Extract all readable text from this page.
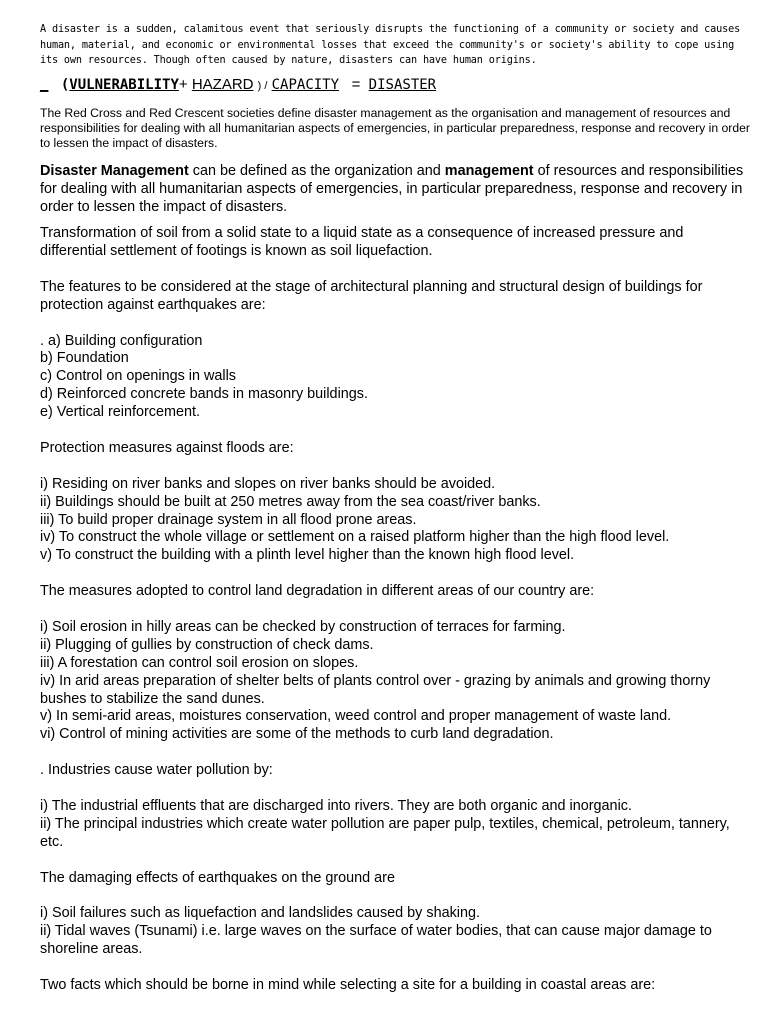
A disaster is a sudden, calamitous event that seriously disrupts the functioning of a community or society and causes human, material, and economic or environmental losses that exceed the community's or society's ability to cope using its own resources. Though often caused by nature, disasters can have human origins.

_ (VULNERABILITY+ HAZARD ) / CAPACITY = DISASTER

The Red Cross and Red Crescent societies define disaster management as the organisation and management of resources and responsibilities for dealing with all humanitarian aspects of emergencies, in particular preparedness, response and recovery in order to lessen the impact of disasters.

Disaster Management can be defined as the organization and management of resources and responsibilities for dealing with all humanitarian aspects of emergencies, in particular preparedness, response and recovery in order to lessen the impact of disasters.

Transformation of soil from a solid state to a liquid state as a consequence of increased pressure and differential settlement of footings is known as soil liquefaction.

The features to be considered at the stage of architectural planning and structural design of buildings for protection against earthquakes are:

. a) Building configuration

b) Foundation

c) Control on openings in walls

d) Reinforced concrete bands in masonry buildings.

e) Vertical reinforcement.

Protection measures against floods are:

i) Residing on river banks and slopes on river banks should be avoided.

ii) Buildings should be built at 250 metres away from the sea coast/river banks.

iii) To build proper drainage system in all flood prone areas.

iv) To construct the whole village or settlement on a raised platform higher than the high flood level.

v) To construct the building with a plinth level higher than the known high flood level.

The measures adopted to control land degradation in different areas of our country are:

i) Soil erosion in hilly areas can be checked by construction of terraces for farming.

ii) Plugging of gullies by construction of check dams.

iii) A forestation can control soil erosion on slopes.

iv) In arid areas preparation of shelter belts of plants control over - grazing by animals and growing thorny bushes to stabilize the sand dunes.

v) In semi-arid areas, moistures conservation, weed control and proper management of waste land.

vi) Control of mining activities are some of the methods to curb land degradation.

. Industries cause water pollution by:

i) The industrial effluents that are discharged into rivers. They are both organic and inorganic.

ii) The principal industries which create water pollution are paper pulp, textiles, chemical, petroleum, tannery, etc.

The damaging effects of earthquakes on the ground are

i) Soil failures such as liquefaction and landslides caused by shaking.

ii) Tidal waves (Tsunami) i.e. large waves on the surface of water bodies, that can cause major damage to shoreline areas.

Two facts which should be borne in mind while selecting a site for a building in coastal areas are:
